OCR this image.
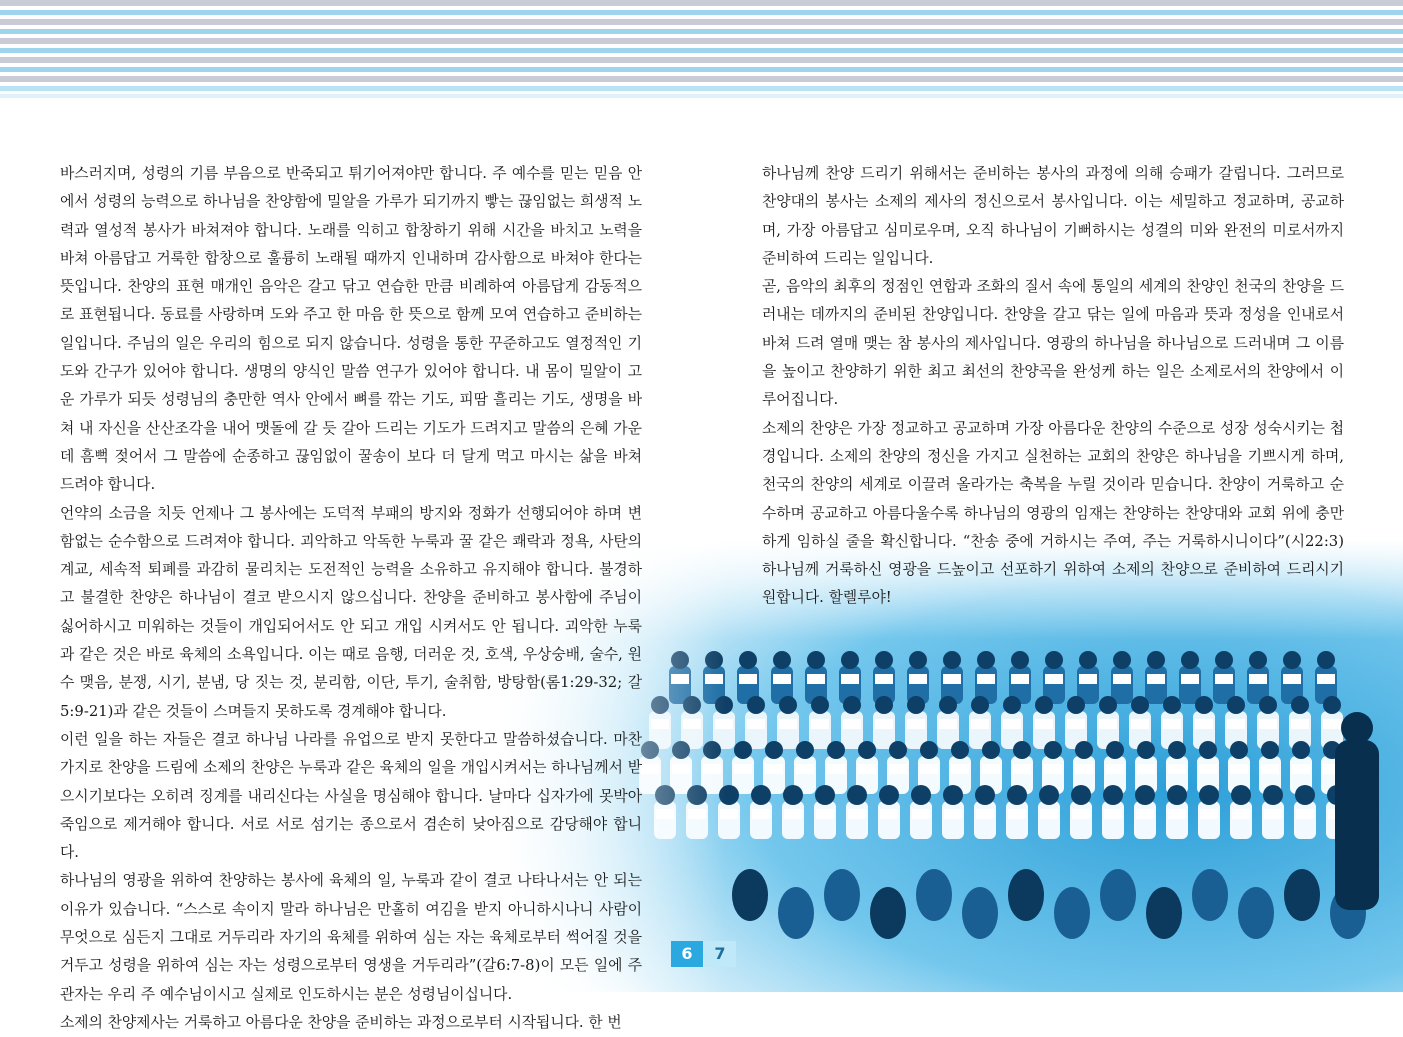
바스러지며, 성령의 기름 부음으로 반죽되고 튀기어져야만 합니다. 주 예수를 믿는 믿음 안에서 성령의 능력으로 하나님을 찬양함에 밀알을 가루가 되기까지 빻는 끊임없는 희생적 노력과 열성적 봉사가 바쳐져야 합니다. 노래를 익히고 합창하기 위해 시간을 바치고 노력을 바쳐 아름답고 거룩한 합창으로 훌륭히 노래될 때까지 인내하며 감사함으로 바쳐야 한다는 뜻입니다. 찬양의 표현 매개인 음악은 갈고 닦고 연습한 만큼 비례하여 아름답게 감동적으로 표현됩니다. 동료를 사랑하며 도와 주고 한 마음 한 뜻으로 함께 모여 연습하고 준비하는 일입니다. 주님의 일은 우리의 힘으로 되지 않습니다. 성령을 통한 꾸준하고도 열정적인 기도와 간구가 있어야 합니다. 생명의 양식인 말씀 연구가 있어야 합니다. 내 몸이 밀알이 고운 가루가 되듯 성령님의 충만한 역사 안에서 뼈를 깎는 기도, 피땀 흘리는 기도, 생명을 바쳐 내 자신을 산산조각을 내어 맷돌에 갈 듯 갈아 드리는 기도가 드려지고 말씀의 은혜 가운데 흠뻑 젖어서 그 말씀에 순종하고 끊임없이 꿀송이 보다 더 달게 먹고 마시는 삶을 바쳐 드려야 합니다.

언약의 소금을 치듯 언제나 그 봉사에는 도덕적 부패의 방지와 정화가 선행되어야 하며 변함없는 순수함으로 드려져야 합니다. 괴악하고 악독한 누룩과 꿀 같은 쾌락과 정욕, 사탄의 계교, 세속적 퇴폐를 과감히 물리치는 도전적인 능력을 소유하고 유지해야 합니다. 불경하고 불결한 찬양은 하나님이 결코 받으시지 않으십니다. 찬양을 준비하고 봉사함에 주님이 싫어하시고 미워하는 것들이 개입되어서도 안 되고 개입 시켜서도 안 됩니다. 괴악한 누룩과 같은 것은 바로 육체의 소욕입니다. 이는 때로 음행, 더러운 것, 호색, 우상숭배, 술수, 원수 맺음, 분쟁, 시기, 분냄, 당 짓는 것, 분리함, 이단, 투기, 술취함, 방탕함(롬1:29-32; 갈5:9-21)과 같은 것들이 스며들지 못하도록 경계해야 합니다.

이런 일을 하는 자들은 결코 하나님 나라를 유업으로 받지 못한다고 말씀하셨습니다. 마찬가지로 찬양을 드림에 소제의 찬양은 누룩과 같은 육체의 일을 개입시켜서는 하나님께서 받으시기보다는 오히려 징계를 내리신다는 사실을 명심해야 합니다. 날마다 십자가에 못박아 죽임으로 제거해야 합니다. 서로 서로 섬기는 종으로서 겸손히 낮아짐으로 감당해야 합니다.

하나님의 영광을 위하여 찬양하는 봉사에 육체의 일, 누룩과 같이 결코 나타나서는 안 되는 이유가 있습니다. “스스로 속이지 말라 하나님은 만홀히 여김을 받지 아니하시나니 사람이 무엇으로 심든지 그대로 거두리라 자기의 육체를 위하여 심는 자는 육체로부터 썩어질 것을 거두고 성령을 위하여 심는 자는 성령으로부터 영생을 거두리라”(갈6:7-8)이 모든 일에 주관자는 우리 주 예수님이시고 실제로 인도하시는 분은 성령님이십니다.

소제의 찬양제사는 거룩하고 아름다운 찬양을 준비하는 과정으로부터 시작됩니다. 한 번

하나님께 찬양 드리기 위해서는 준비하는 봉사의 과정에 의해 승패가 갈립니다. 그러므로 찬양대의 봉사는 소제의 제사의 정신으로서 봉사입니다. 이는 세밀하고 정교하며, 공교하며, 가장 아름답고 심미로우며, 오직 하나님이 기뻐하시는 성결의 미와 완전의 미로서까지 준비하여 드리는 일입니다.

곧, 음악의 최후의 정점인 연합과 조화의 질서 속에 통일의 세계의 찬양인 천국의 찬양을 드러내는 데까지의 준비된 찬양입니다. 찬양을 갈고 닦는 일에 마음과 뜻과 정성을 인내로서 바쳐 드려 열매 맺는 참 봉사의 제사입니다. 영광의 하나님을 하나님으로 드러내며 그 이름을 높이고 찬양하기 위한 최고 최선의 찬양곡을 완성케 하는 일은 소제로서의 찬양에서 이루어집니다.

소제의 찬양은 가장 정교하고 공교하며 가장 아름다운 찬양의 수준으로 성장 성숙시키는 첩경입니다. 소제의 찬양의 정신을 가지고 실천하는 교회의 찬양은 하나님을 기쁘시게 하며, 천국의 찬양의 세계로 이끌려 올라가는 축복을 누릴 것이라 믿습니다. 찬양이 거룩하고 순수하며 공교하고 아름다울수록 하나님의 영광의 임재는 찬양하는 찬양대와 교회 위에 충만하게 임하실 줄을 확신합니다. “찬송 중에 거하시는 주여, 주는 거룩하시니이다”(시22:3) 하나님께 거룩하신 영광을 드높이고 선포하기 위하여 소제의 찬양으로 준비하여 드리시기 원합니다. 할렐루야!

6	7
